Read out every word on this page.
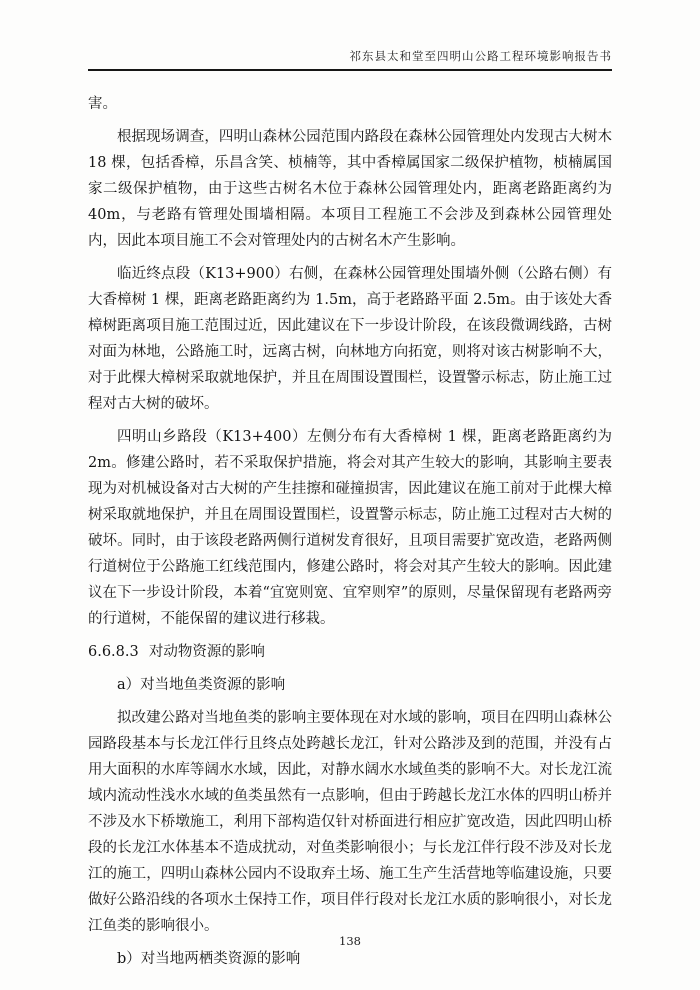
祁东县太和堂至四明山公路工程环境影响报告书

害。

根据现场调查，四明山森林公园范围内路段在森林公园管理处内发现古大树木 18 棵，包括香樟，乐昌含笑、桢楠等，其中香樟属国家二级保护植物，桢楠属国家二级保护植物，由于这些古树名木位于森林公园管理处内，距离老路距离约为 40m，与老路有管理处围墙相隔。本项目工程施工不会涉及到森林公园管理处内，因此本项目施工不会对管理处内的古树名木产生影响。

临近终点段（K13+900）右侧，在森林公园管理处围墙外侧（公路右侧）有大香樟树 1 棵，距离老路距离约为 1.5m，高于老路路平面 2.5m。由于该处大香樟树距离项目施工范围过近，因此建议在下一步设计阶段，在该段微调线路，古树对面为林地，公路施工时，远离古树，向林地方向拓宽，则将对该古树影响不大，对于此棵大樟树采取就地保护，并且在周围设置围栏，设置警示标志，防止施工过程对古大树的破坏。

四明山乡路段（K13+400）左侧分布有大香樟树 1 棵，距离老路距离约为 2m。修建公路时，若不采取保护措施，将会对其产生较大的影响，其影响主要表现为对机械设备对古大树的产生挂擦和碰撞损害，因此建议在施工前对于此棵大樟树采取就地保护，并且在周围设置围栏，设置警示标志，防止施工过程对古大树的破坏。同时，由于该段老路两侧行道树发育很好，且项目需要扩宽改造，老路两侧行道树位于公路施工红线范围内，修建公路时，将会对其产生较大的影响。因此建议在下一步设计阶段，本着“宜宽则宽、宜窄则窄”的原则，尽量保留现有老路两旁的行道树，不能保留的建议进行移栽。

6.6.8.3 对动物资源的影响

a）对当地鱼类资源的影响

拟改建公路对当地鱼类的影响主要体现在对水域的影响，项目在四明山森林公园路段基本与长龙江伴行且终点处跨越长龙江，针对公路涉及到的范围，并没有占用大面积的水库等阔水水域，因此，对静水阔水水域鱼类的影响不大。对长龙江流域内流动性浅水水域的鱼类虽然有一点影响，但由于跨越长龙江水体的四明山桥并不涉及水下桥墩施工，利用下部构造仅针对桥面进行相应扩宽改造，因此四明山桥段的长龙江水体基本不造成扰动，对鱼类影响很小；与长龙江伴行段不涉及对长龙江的施工，四明山森林公园内不设取弃土场、施工生产生活营地等临建设施，只要做好公路沿线的各项水土保持工作，项目伴行段对长龙江水质的影响很小，对长龙江鱼类的影响很小。

b）对当地两栖类资源的影响

138
